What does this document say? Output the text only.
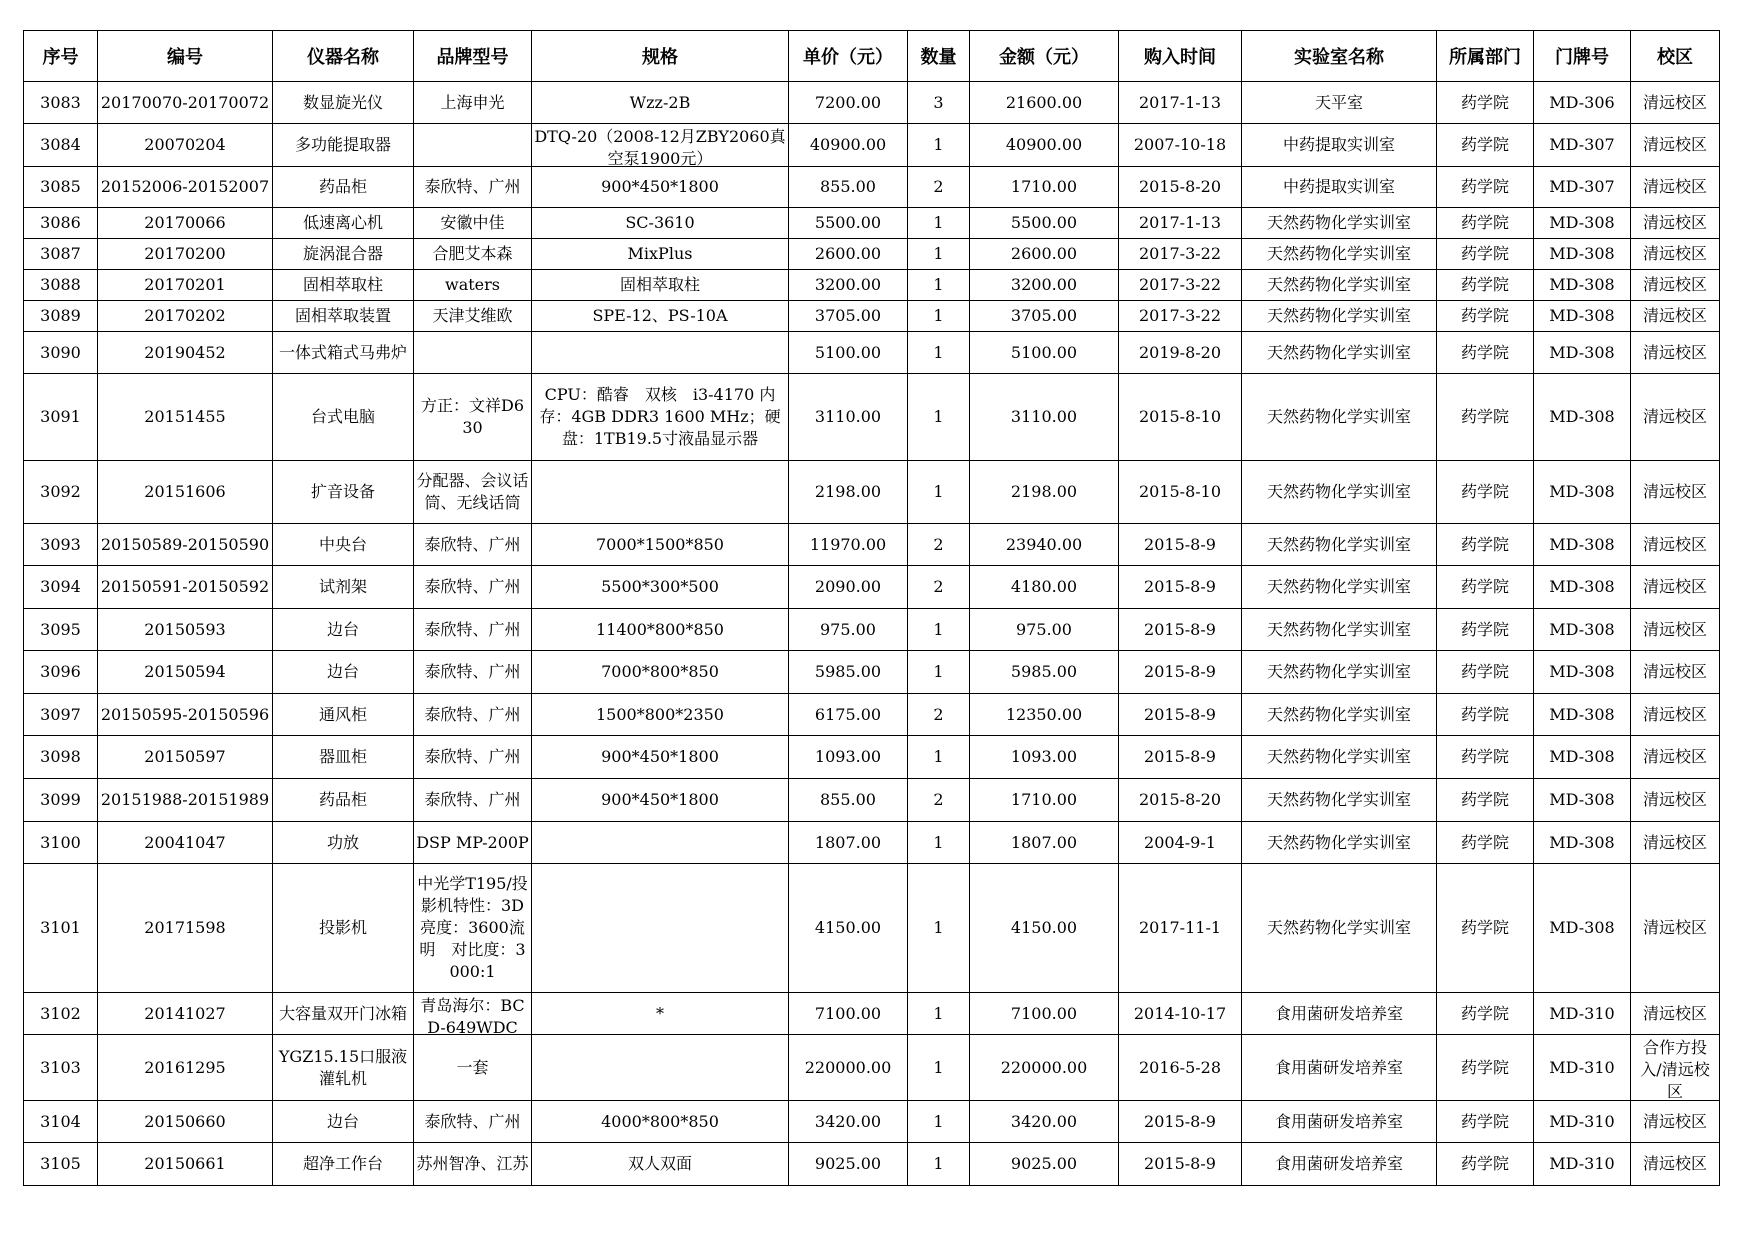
序号	编号	仪器名称	品牌型号	规格	单价（元）	数量	金额（元）	购入时间	实验室名称	所属部门	门牌号	校区

3083	20170070-20170072	数显旋光仪	上海申光	Wzz-2B	7200.00	3	21600.00	2017-1-13	天平室	药学院	MD-306	清远校区

3084	20070204	多功能提取器		DTQ-20（2008-12月ZBY2060真空泵1900元）	40900.00	1	40900.00	2007-10-18	中药提取实训室	药学院	MD-307	清远校区

3085	20152006-20152007	药品柜	泰欣特、广州	900*450*1800	855.00	2	1710.00	2015-8-20	中药提取实训室	药学院	MD-307	清远校区

3086	20170066	低速离心机	安徽中佳	SC-3610	5500.00	1	5500.00	2017-1-13	天然药物化学实训室	药学院	MD-308	清远校区

3087	20170200	旋涡混合器	合肥艾本森	MixPlus	2600.00	1	2600.00	2017-3-22	天然药物化学实训室	药学院	MD-308	清远校区

3088	20170201	固相萃取柱	waters	固相萃取柱	3200.00	1	3200.00	2017-3-22	天然药物化学实训室	药学院	MD-308	清远校区

3089	20170202	固相萃取装置	天津艾维欧	SPE-12、PS-10A	3705.00	1	3705.00	2017-3-22	天然药物化学实训室	药学院	MD-308	清远校区

3090	20190452	一体式箱式马弗炉			5100.00	1	5100.00	2019-8-20	天然药物化学实训室	药学院	MD-308	清远校区

3091	20151455	台式电脑	方正：文祥D630	CPU：酷睿　双核　i3-4170 内存：4GB DDR3 1600 MHz；硬盘：1TB19.5寸液晶显示器	3110.00	1	3110.00	2015-8-10	天然药物化学实训室	药学院	MD-308	清远校区

3092	20151606	扩音设备	分配器、会议话筒、无线话筒		2198.00	1	2198.00	2015-8-10	天然药物化学实训室	药学院	MD-308	清远校区

3093	20150589-20150590	中央台	泰欣特、广州	7000*1500*850	11970.00	2	23940.00	2015-8-9	天然药物化学实训室	药学院	MD-308	清远校区

3094	20150591-20150592	试剂架	泰欣特、广州	5500*300*500	2090.00	2	4180.00	2015-8-9	天然药物化学实训室	药学院	MD-308	清远校区

3095	20150593	边台	泰欣特、广州	11400*800*850	975.00	1	975.00	2015-8-9	天然药物化学实训室	药学院	MD-308	清远校区

3096	20150594	边台	泰欣特、广州	7000*800*850	5985.00	1	5985.00	2015-8-9	天然药物化学实训室	药学院	MD-308	清远校区

3097	20150595-20150596	通风柜	泰欣特、广州	1500*800*2350	6175.00	2	12350.00	2015-8-9	天然药物化学实训室	药学院	MD-308	清远校区

3098	20150597	器皿柜	泰欣特、广州	900*450*1800	1093.00	1	1093.00	2015-8-9	天然药物化学实训室	药学院	MD-308	清远校区

3099	20151988-20151989	药品柜	泰欣特、广州	900*450*1800	855.00	2	1710.00	2015-8-20	天然药物化学实训室	药学院	MD-308	清远校区

3100	20041047	功放	DSP MP-200P		1807.00	1	1807.00	2004-9-1	天然药物化学实训室	药学院	MD-308	清远校区

3101	20171598	投影机	中光学T195/投影机特性：3D　亮度：3600流明　对比度：3000:1		4150.00	1	4150.00	2017-11-1	天然药物化学实训室	药学院	MD-308	清远校区

3102	20141027	大容量双开门冰箱	青岛海尔：BCD-649WDC	*	7100.00	1	7100.00	2014-10-17	食用菌研发培养室	药学院	MD-310	清远校区

3103	20161295	YGZ15.15口服液灌轧机	一套		220000.00	1	220000.00	2016-5-28	食用菌研发培养室	药学院	MD-310	合作方投入/清远校区

3104	20150660	边台	泰欣特、广州	4000*800*850	3420.00	1	3420.00	2015-8-9	食用菌研发培养室	药学院	MD-310	清远校区

3105	20150661	超净工作台	苏州智净、江苏	双人双面	9025.00	1	9025.00	2015-8-9	食用菌研发培养室	药学院	MD-310	清远校区
